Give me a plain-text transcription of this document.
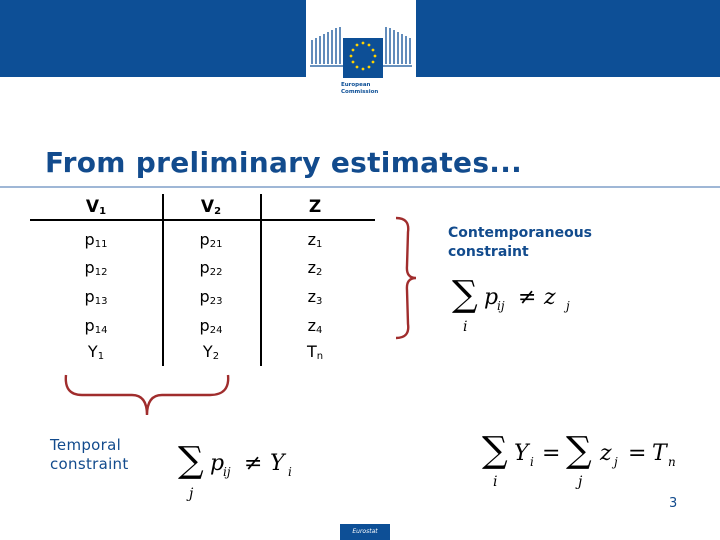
European
Commission
From preliminary estimates...
$V_1$	$V_2$	Z
$p_{11}$	$p_{21}$	$z_1$
$p_{12}$	$p_{22}$	$z_2$
$p_{13}$	$p_{23}$	$z_3$
$p_{14}$	$p_{24}$	$z_4$
$Y_1$	$Y_2$	$T_n$
Contemporaneous
constraint
∑ p
ij ≠ z j
i
Temporal
constraint ∑ p
ij ≠ Y i
j
∑ Y i = ∑ z j = T n
i	j
3
Eurostat
